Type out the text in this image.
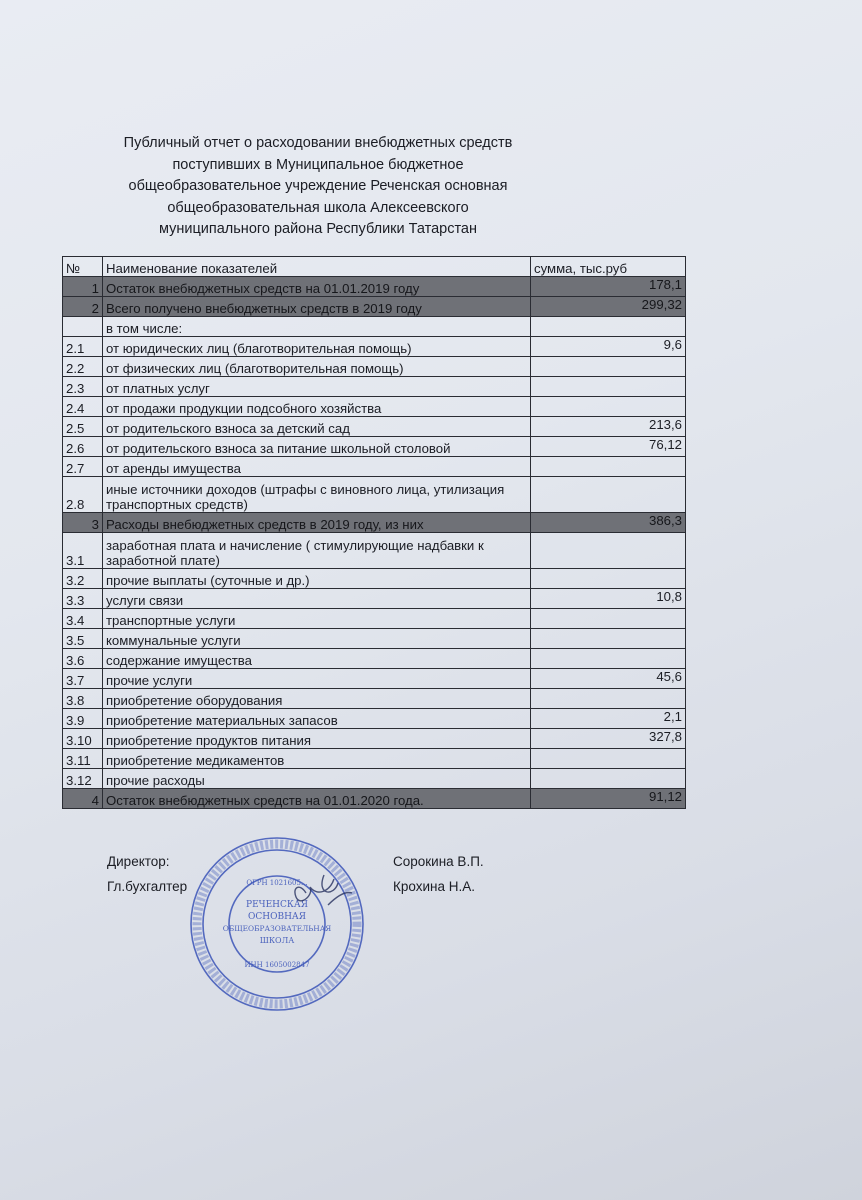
Публичный отчет о расходовании внебюджетных средств
поступивших в Муниципальное бюджетное
общеобразовательное учреждение Реченская основная
общеобразовательная школа Алексеевского
муниципального района Республики Татарстан
№	Наименование показателей	сумма, тыс.руб
1	Остаток внебюджетных средств на 01.01.2019 году	178,1
2	Всего получено внебюджетных средств в 2019 году	299,32
	в том числе:	
2.1	от юридических лиц (благотворительная помощь)	9,6
2.2	от физических лиц (благотворительная помощь)	
2.3	от платных услуг	
2.4	от продажи продукции подсобного хозяйства	
2.5	от родительского взноса за детский сад	213,6
2.6	от родительского взноса за питание школьной столовой	76,12
2.7	от аренды имущества	
2.8	иные источники доходов (штрафы с виновного лица, утилизация транспортных средств)	
3	Расходы внебюджетных средств в 2019 году, из них	386,3
3.1	заработная плата и начисление ( стимулирующие надбавки к заработной плате)	
3.2	прочие выплаты (суточные и др.)	
3.3	услуги связи	10,8
3.4	транспортные услуги	
3.5	коммунальные услуги	
3.6	содержание имущества	
3.7	прочие услуги	45,6
3.8	приобретение оборудования	
3.9	приобретение материальных запасов	2,1
3.10	приобретение продуктов питания	327,8
3.11	приобретение медикаментов	
3.12	прочие расходы	
4	Остаток внебюджетных средств на 01.01.2020 года.	91,12
Директор:	Сорокина В.П.
Гл.бухгалтер	Крохина Н.А.
РЕЧЕНСКАЯ
ОСНОВНАЯ
ОБЩЕОБРАЗОВАТЕЛЬНАЯ
ШКОЛА
ОГРН 1021605...
ИНН 1605002847
